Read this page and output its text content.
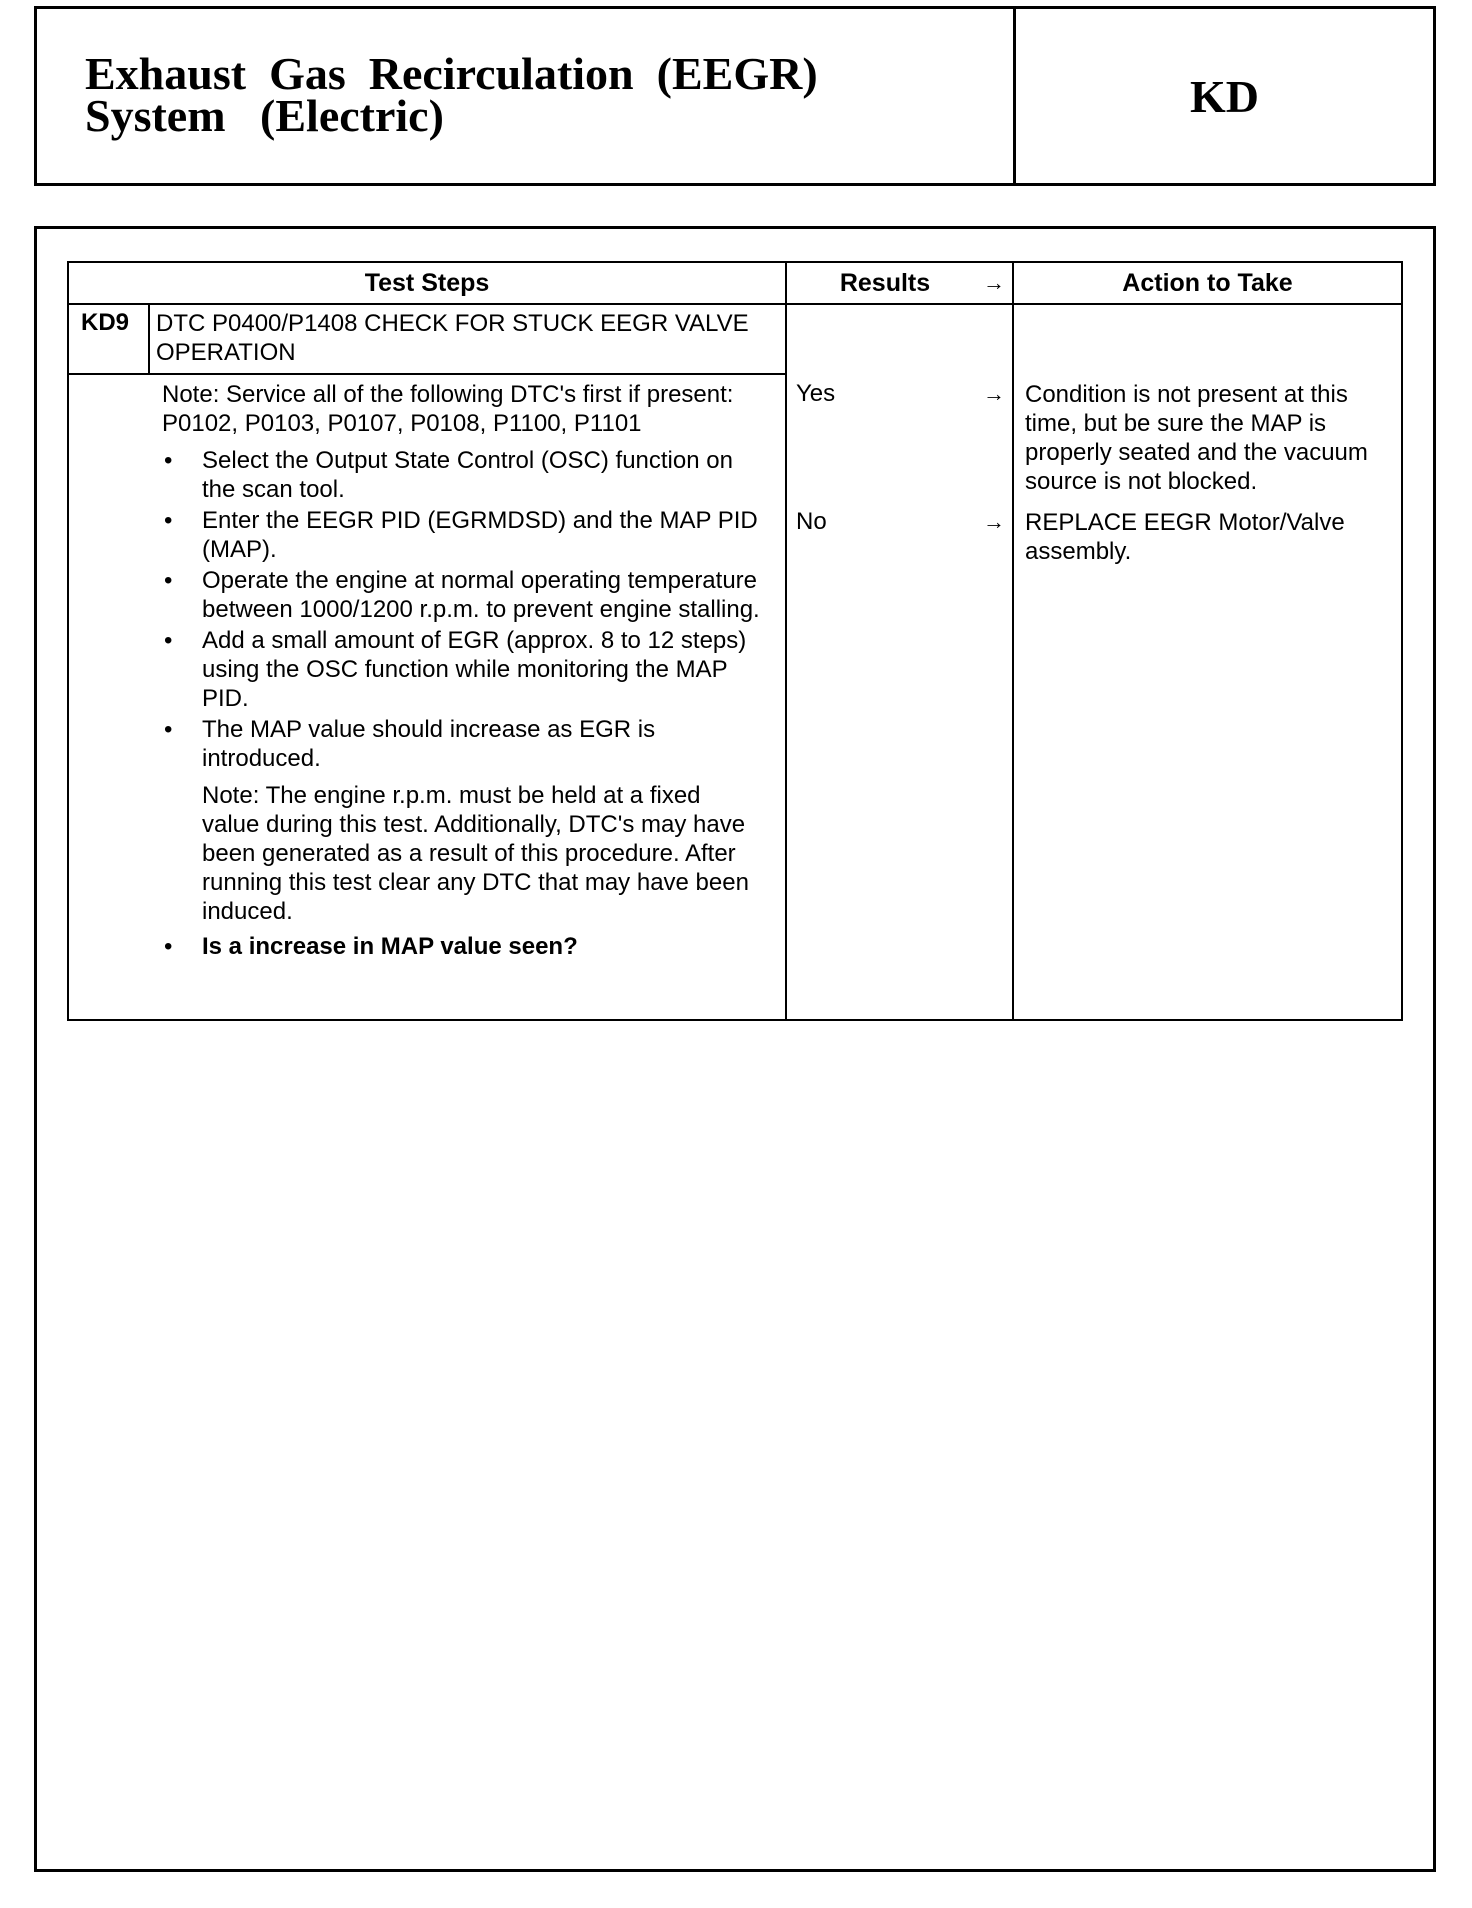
Exhaust  Gas  Recirculation  (EEGR)
System   (Electric)	KD
Test Steps	Results	→	Action to Take
KD9 DTC P0400/P1408 CHECK FOR STUCK EEGR VALVE OPERATION
Note: Service all of the following DTC's first if present: P0102, P0103, P0107, P0108, P1100, P1101
• Select the Output State Control (OSC) function on the scan tool.
• Enter the EEGR PID (EGRMDSD) and the MAP PID (MAP).
• Operate the engine at normal operating temperature between 1000/1200 r.p.m. to prevent engine stalling.
• Add a small amount of EGR (approx. 8 to 12 steps) using the OSC function while monitoring the MAP PID.
• The MAP value should increase as EGR is introduced.
Note: The engine r.p.m. must be held at a fixed value during this test. Additionally, DTC's may have been generated as a result of this procedure. After running this test clear any DTC that may have been induced.
• Is a increase in MAP value seen?
Yes	→ Condition is not present at this time, but be sure the MAP is properly seated and the vacuum source is not blocked.
No	→ REPLACE EEGR Motor/Valve assembly.
